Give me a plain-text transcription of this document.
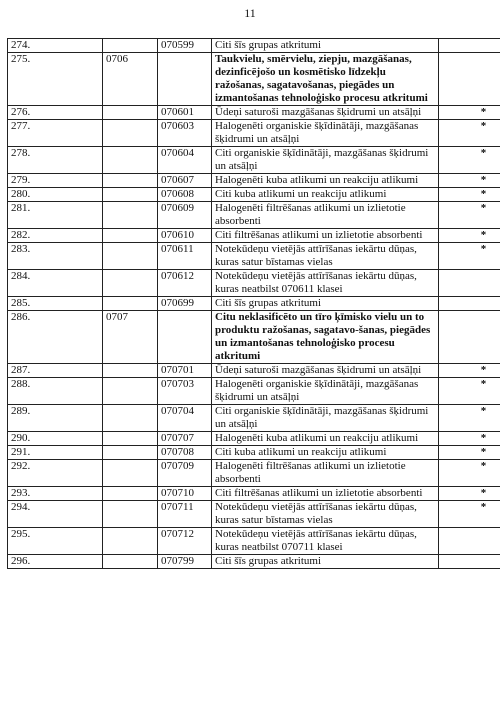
11
274.		070599	Citi šīs grupas atkritumi	
275.	0706		Taukvielu, smērvielu, ziepju, mazgāšanas, dezinficējošo un kosmētisko līdzekļu ražošanas, sagatavošanas, piegādes un izmantošanas tehnoloģisko procesu atkritumi	
276.		070601	Ūdeņi saturoši mazgāšanas šķidrumi un atsāļņi	*
277.		070603	Halogenēti organiskie šķīdinātāji, mazgāšanas šķidrumi un atsāļņi	*
278.		070604	Citi organiskie šķīdinātāji, mazgāšanas šķidrumi un atsāļņi	*
279.		070607	Halogenēti kuba atlikumi un reakciju atlikumi	*
280.		070608	Citi kuba atlikumi un reakciju atlikumi	*
281.		070609	Halogenēti filtrēšanas atlikumi un izlietotie absorbenti	*
282.		070610	Citi filtrēšanas atlikumi un izlietotie absorbenti	*
283.		070611	Notekūdeņu vietējās attīrīšanas iekārtu dūņas, kuras satur bīstamas vielas	*
284.		070612	Notekūdeņu vietējās attīrīšanas iekārtu dūņas, kuras neatbilst 070611 klasei	
285.		070699	Citi šīs grupas atkritumi	
286.	0707		Citu neklasificēto un tīro ķīmisko vielu un to produktu ražošanas, sagatavo-šanas, piegādes un izmantošanas tehnoloģisko procesu atkritumi	
287.		070701	Ūdeņi saturoši mazgāšanas šķidrumi un atsāļņi	*
288.		070703	Halogenēti organiskie šķīdinātāji, mazgāšanas šķidrumi un atsāļņi	*
289.		070704	Citi organiskie šķīdinātāji, mazgāšanas šķidrumi un atsāļņi	*
290.		070707	Halogenēti kuba atlikumi un reakciju atlikumi	*
291.		070708	Citi kuba atlikumi un reakciju atlikumi	*
292.		070709	Halogenēti filtrēšanas atlikumi un izlietotie absorbenti	*
293.		070710	Citi filtrēšanas atlikumi un izlietotie absorbenti	*
294.		070711	Notekūdeņu vietējās attīrīšanas iekārtu dūņas, kuras satur bīstamas vielas	*
295.		070712	Notekūdeņu vietējās attīrīšanas iekārtu dūņas, kuras neatbilst 070711 klasei	
296.		070799	Citi šīs grupas atkritumi	
